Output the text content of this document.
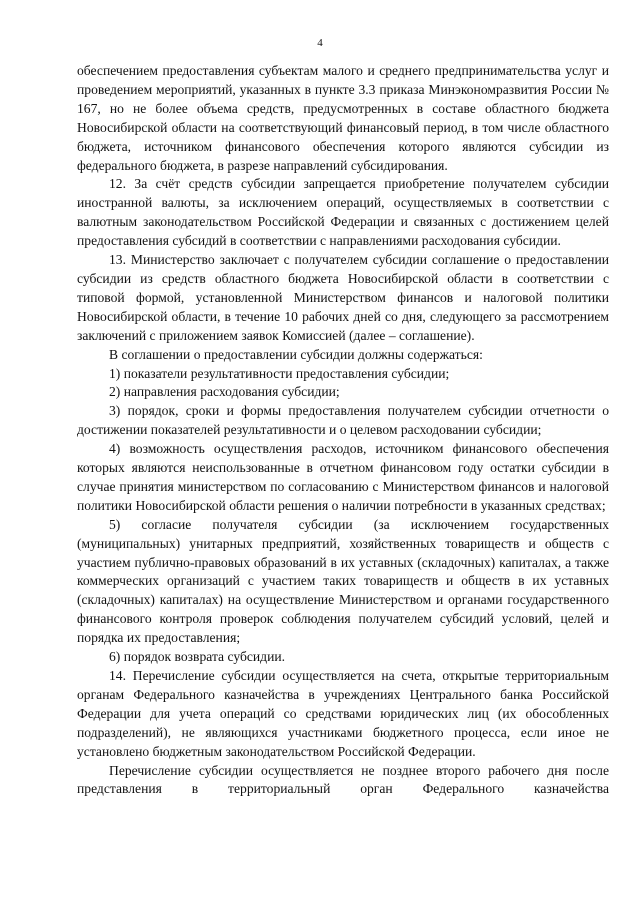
4

обеспечением предоставления субъектам малого и среднего предпринимательства услуг и проведением мероприятий, указанных в пункте 3.3 приказа Минэкономразвития России № 167, но не более объема средств, предусмотренных в составе областного бюджета Новосибирской области на соответствующий финансовый период, в том числе областного бюджета, источником финансового обеспечения которого являются субсидии из федерального бюджета, в разрезе направлений субсидирования.

12. За счёт средств субсидии запрещается приобретение получателем субсидии иностранной валюты, за исключением операций, осуществляемых в соответствии с валютным законодательством Российской Федерации и связанных с достижением целей предоставления субсидий в соответствии с направлениями расходования субсидии.

13. Министерство заключает с получателем субсидии соглашение о предоставлении субсидии из средств областного бюджета Новосибирской области в соответствии с типовой формой, установленной Министерством финансов и налоговой политики Новосибирской области, в течение 10 рабочих дней со дня, следующего за рассмотрением заключений с приложением заявок Комиссией (далее – соглашение).

В соглашении о предоставлении субсидии должны содержаться:

1) показатели результативности предоставления субсидии;

2) направления расходования субсидии;

3) порядок, сроки и формы предоставления получателем субсидии отчетности о достижении показателей результативности и о целевом расходовании субсидии;

4) возможность осуществления расходов, источником финансового обеспечения которых являются неиспользованные в отчетном финансовом году остатки субсидии в случае принятия министерством по согласованию с Министерством финансов и налоговой политики Новосибирской области решения о наличии потребности в указанных средствах;

5) согласие получателя субсидии (за исключением государственных (муниципальных) унитарных предприятий, хозяйственных товариществ и обществ с участием публично-правовых образований в их уставных (складочных) капиталах, а также коммерческих организаций с участием таких товариществ и обществ в их уставных (складочных) капиталах) на осуществление Министерством и органами государственного финансового контроля проверок соблюдения получателем субсидий условий, целей и порядка их предоставления;

6) порядок возврата субсидии.

14. Перечисление субсидии осуществляется на счета, открытые территориальным органам Федерального казначейства в учреждениях Центрального банка Российской Федерации для учета операций со средствами юридических лиц (их обособленных подразделений), не являющихся участниками бюджетного процесса, если иное не установлено бюджетным законодательством Российской Федерации.

Перечисление субсидии осуществляется не позднее второго рабочего дня после представления в территориальный орган Федерального казначейства
